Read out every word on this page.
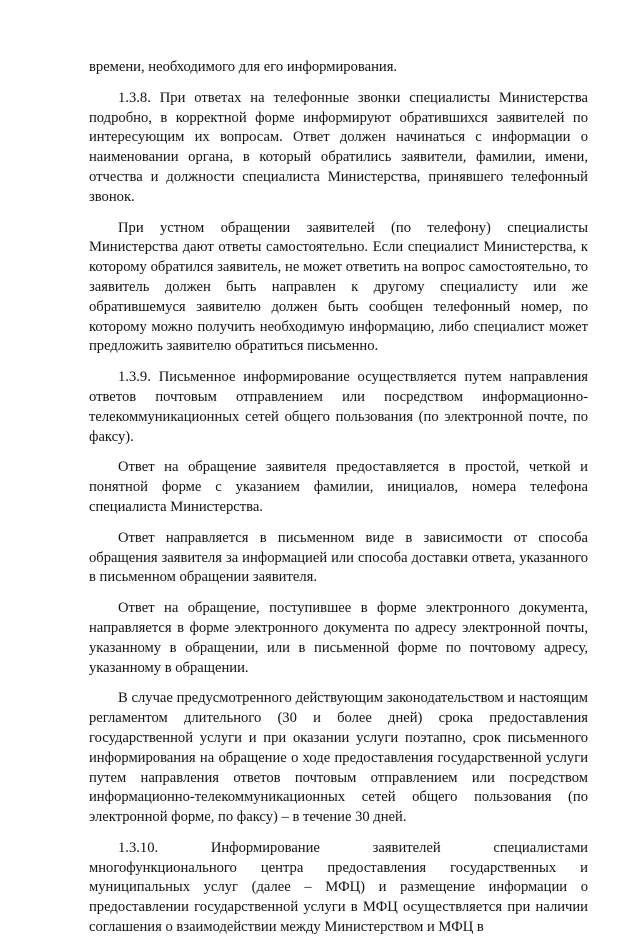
времени, необходимого для его информирования.

1.3.8. При ответах на телефонные звонки специалисты Министерства подробно, в корректной форме информируют обратившихся заявителей по интересующим их вопросам. Ответ должен начинаться с информации о наименовании органа, в который обратились заявители, фамилии, имени, отчества и должности специалиста Министерства, принявшего телефонный звонок.

При устном обращении заявителей (по телефону) специалисты Министерства дают ответы самостоятельно. Если специалист Министерства, к которому обратился заявитель, не может ответить на вопрос самостоятельно, то заявитель должен быть направлен к другому специалисту или же обратившемуся заявителю должен быть сообщен телефонный номер, по которому можно получить необходимую информацию, либо специалист может предложить заявителю обратиться письменно.

1.3.9. Письменное информирование осуществляется путем направления ответов почтовым отправлением или посредством информационно-телекоммуникационных сетей общего пользования (по электронной почте, по факсу).

Ответ на обращение заявителя предоставляется в простой, четкой и понятной форме с указанием фамилии, инициалов, номера телефона специалиста Министерства.

Ответ направляется в письменном виде в зависимости от способа обращения заявителя за информацией или способа доставки ответа, указанного в письменном обращении заявителя.

Ответ на обращение, поступившее в форме электронного документа, направляется в форме электронного документа по адресу электронной почты, указанному в обращении, или в письменной форме по почтовому адресу, указанному в обращении.

В случае предусмотренного действующим законодательством и настоящим регламентом длительного (30 и более дней) срока предоставления государственной услуги и при оказании услуги поэтапно, срок письменного информирования на обращение о ходе предоставления государственной услуги путем направления ответов почтовым отправлением или посредством информационно-телекоммуникационных сетей общего пользования (по электронной форме, по факсу) – в течение 30 дней.

1.3.10. Информирование заявителей специалистами многофункционального центра предоставления государственных и муниципальных услуг (далее – МФЦ) и размещение информации о предоставлении государственной услуги в МФЦ осуществляется при наличии соглашения о взаимодействии между Министерством и МФЦ в
